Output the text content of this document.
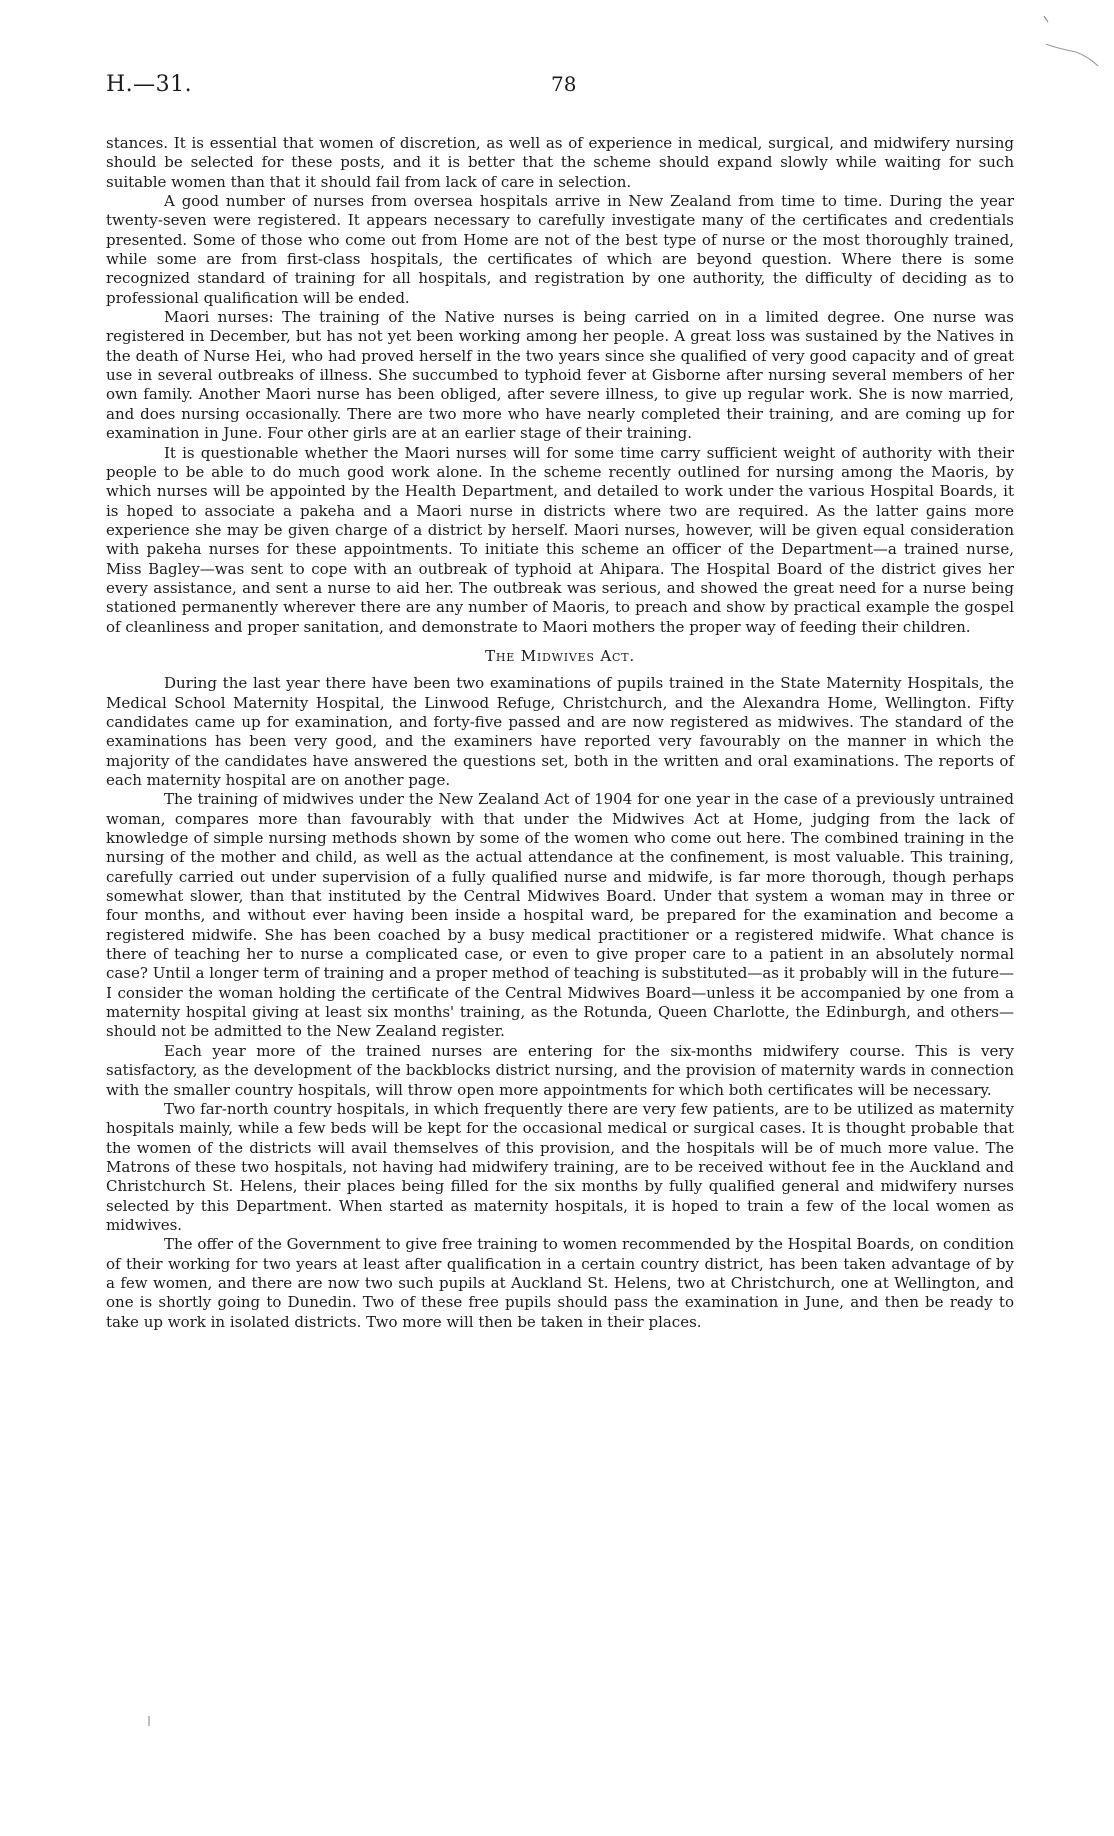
H.—31.	78

stances. It is essential that women of discretion, as well as of experience in medical, surgical, and midwifery nursing should be selected for these posts, and it is better that the scheme should expand slowly while waiting for such suitable women than that it should fail from lack of care in selection.

A good number of nurses from oversea hospitals arrive in New Zealand from time to time. During the year twenty-seven were registered. It appears necessary to carefully investigate many of the certificates and credentials presented. Some of those who come out from Home are not of the best type of nurse or the most thoroughly trained, while some are from first-class hospitals, the certificates of which are beyond question. Where there is some recognized standard of training for all hospitals, and registration by one authority, the difficulty of deciding as to professional qualification will be ended.

Maori nurses: The training of the Native nurses is being carried on in a limited degree. One nurse was registered in December, but has not yet been working among her people. A great loss was sustained by the Natives in the death of Nurse Hei, who had proved herself in the two years since she qualified of very good capacity and of great use in several outbreaks of illness. She succumbed to typhoid fever at Gisborne after nursing several members of her own family. Another Maori nurse has been obliged, after severe illness, to give up regular work. She is now married, and does nursing occasionally. There are two more who have nearly completed their training, and are coming up for examination in June. Four other girls are at an earlier stage of their training.

It is questionable whether the Maori nurses will for some time carry sufficient weight of authority with their people to be able to do much good work alone. In the scheme recently outlined for nursing among the Maoris, by which nurses will be appointed by the Health Department, and detailed to work under the various Hospital Boards, it is hoped to associate a pakeha and a Maori nurse in districts where two are required. As the latter gains more experience she may be given charge of a district by herself. Maori nurses, however, will be given equal consideration with pakeha nurses for these appointments. To initiate this scheme an officer of the Department—a trained nurse, Miss Bagley—was sent to cope with an outbreak of typhoid at Ahipara. The Hospital Board of the district gives her every assistance, and sent a nurse to aid her. The outbreak was serious, and showed the great need for a nurse being stationed permanently wherever there are any number of Maoris, to preach and show by practical example the gospel of cleanliness and proper sanitation, and demonstrate to Maori mothers the proper way of feeding their children.

The Midwives Act.

During the last year there have been two examinations of pupils trained in the State Maternity Hospitals, the Medical School Maternity Hospital, the Linwood Refuge, Christchurch, and the Alexandra Home, Wellington. Fifty candidates came up for examination, and forty-five passed and are now registered as midwives. The standard of the examinations has been very good, and the examiners have reported very favourably on the manner in which the majority of the candidates have answered the questions set, both in the written and oral examinations. The reports of each maternity hospital are on another page.

The training of midwives under the New Zealand Act of 1904 for one year in the case of a previously untrained woman, compares more than favourably with that under the Midwives Act at Home, judging from the lack of knowledge of simple nursing methods shown by some of the women who come out here. The combined training in the nursing of the mother and child, as well as the actual attendance at the confinement, is most valuable. This training, carefully carried out under supervision of a fully qualified nurse and midwife, is far more thorough, though perhaps somewhat slower, than that instituted by the Central Midwives Board. Under that system a woman may in three or four months, and without ever having been inside a hospital ward, be prepared for the examination and become a registered midwife. She has been coached by a busy medical practitioner or a registered midwife. What chance is there of teaching her to nurse a complicated case, or even to give proper care to a patient in an absolutely normal case? Until a longer term of training and a proper method of teaching is substituted—as it probably will in the future—I consider the woman holding the certificate of the Central Midwives Board—unless it be accompanied by one from a maternity hospital giving at least six months' training, as the Rotunda, Queen Charlotte, the Edinburgh, and others—should not be admitted to the New Zealand register.

Each year more of the trained nurses are entering for the six-months midwifery course. This is very satisfactory, as the development of the backblocks district nursing, and the provision of maternity wards in connection with the smaller country hospitals, will throw open more appointments for which both certificates will be necessary.

Two far-north country hospitals, in which frequently there are very few patients, are to be utilized as maternity hospitals mainly, while a few beds will be kept for the occasional medical or surgical cases. It is thought probable that the women of the districts will avail themselves of this provision, and the hospitals will be of much more value. The Matrons of these two hospitals, not having had midwifery training, are to be received without fee in the Auckland and Christchurch St. Helens, their places being filled for the six months by fully qualified general and midwifery nurses selected by this Department. When started as maternity hospitals, it is hoped to train a few of the local women as midwives.

The offer of the Government to give free training to women recommended by the Hospital Boards, on condition of their working for two years at least after qualification in a certain country district, has been taken advantage of by a few women, and there are now two such pupils at Auckland St. Helens, two at Christchurch, one at Wellington, and one is shortly going to Dunedin. Two of these free pupils should pass the examination in June, and then be ready to take up work in isolated districts. Two more will then be taken in their places.
